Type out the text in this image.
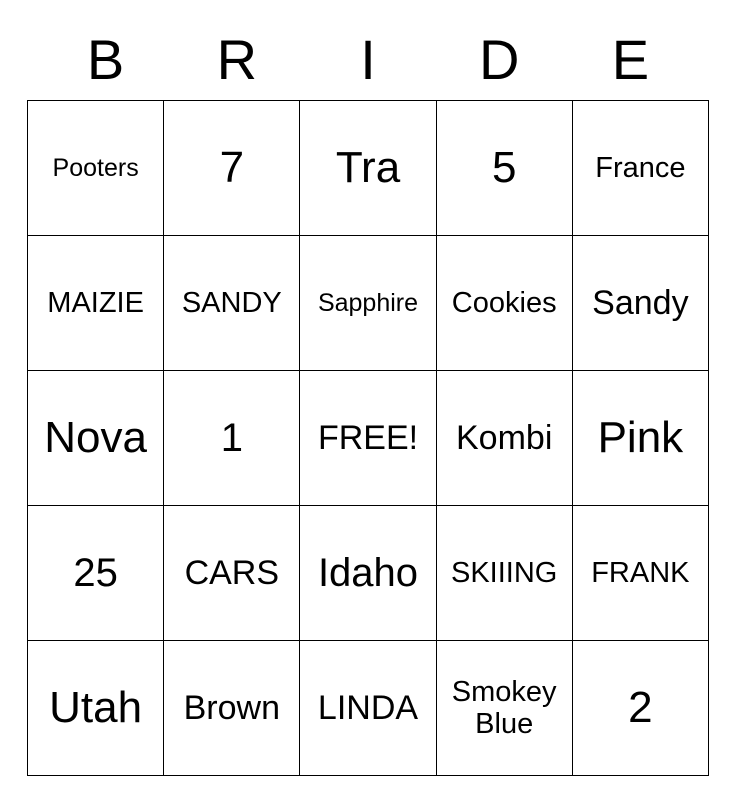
B	R	I	D	E
Pooters	7	Tra	5	France
MAIZIE	SANDY	Sapphire	Cookies	Sandy
Nova	1	FREE!	Kombi	Pink
25	CARS	Idaho	SKIIING	FRANK
Utah	Brown	LINDA	Smokey Blue	2
